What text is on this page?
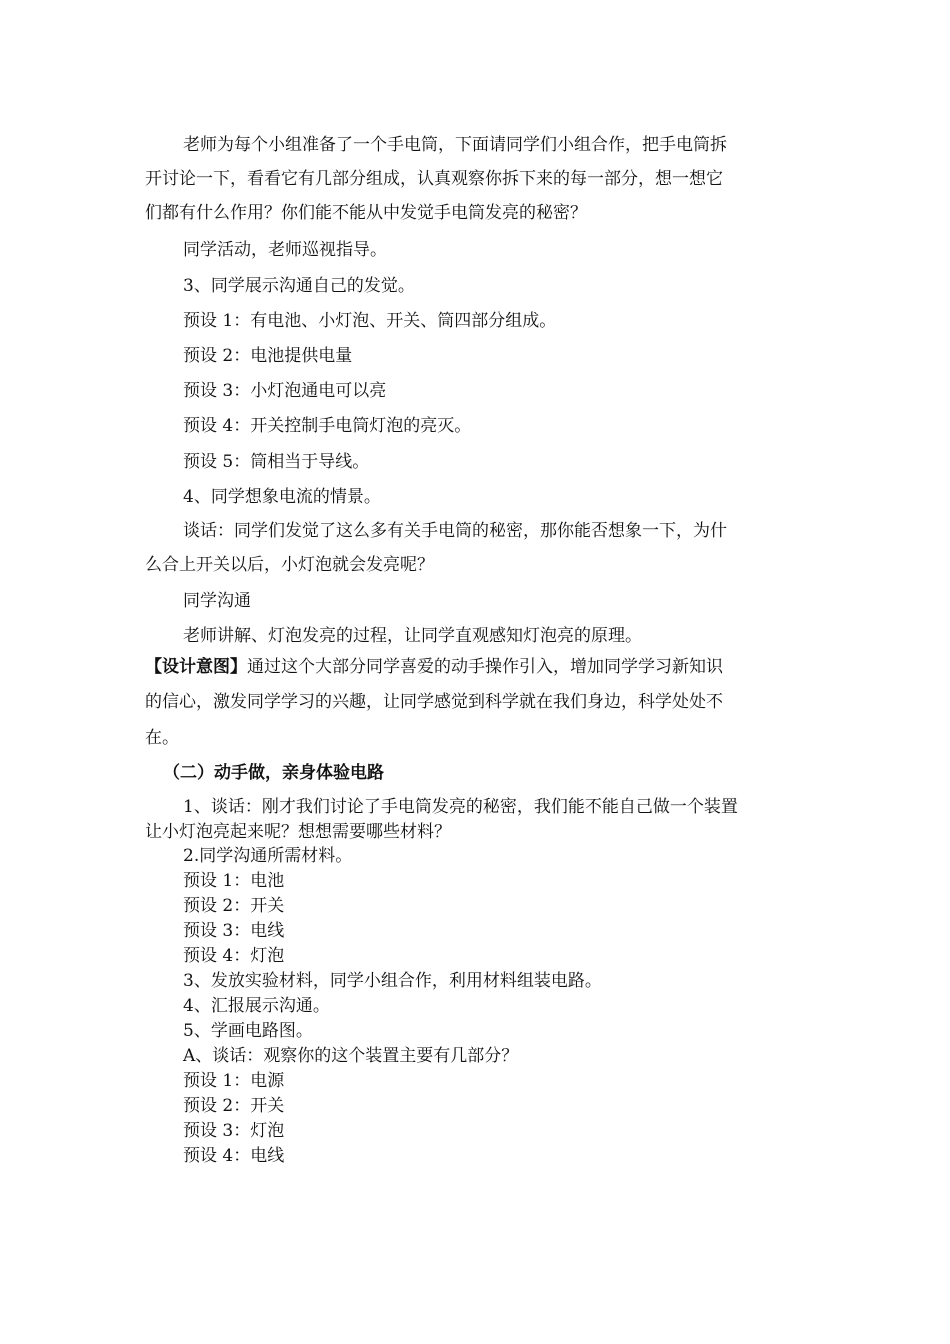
老师为每个小组准备了一个手电筒，下面请同学们小组合作，把手电筒拆
开讨论一下，看看它有几部分组成，认真观察你拆下来的每一部分，想一想它
们都有什么作用？你们能不能从中发觉手电筒发亮的秘密？
同学活动，老师巡视指导。
3、同学展示沟通自己的发觉。
预设 1：有电池、小灯泡、开关、筒四部分组成。
预设 2：电池提供电量
预设 3：小灯泡通电可以亮
预设 4：开关控制手电筒灯泡的亮灭。
预设 5：筒相当于导线。
4、同学想象电流的情景。
谈话：同学们发觉了这么多有关手电筒的秘密，那你能否想象一下，为什
么合上开关以后，小灯泡就会发亮呢？
同学沟通
老师讲解、灯泡发亮的过程，让同学直观感知灯泡亮的原理。
【设计意图】通过这个大部分同学喜爱的动手操作引入，增加同学学习新知识
的信心，激发同学学习的兴趣，让同学感觉到科学就在我们身边，科学处处不
在。
（二）动手做，亲身体验电路
1、谈话：刚才我们讨论了手电筒发亮的秘密，我们能不能自己做一个装置
让小灯泡亮起来呢？想想需要哪些材料？
2.同学沟通所需材料。
预设 1：电池
预设 2：开关
预设 3：电线
预设 4：灯泡
3、发放实验材料，同学小组合作，利用材料组装电路。
4、汇报展示沟通。
5、学画电路图。
A、谈话：观察你的这个装置主要有几部分？
预设 1：电源
预设 2：开关
预设 3：灯泡
预设 4：电线
